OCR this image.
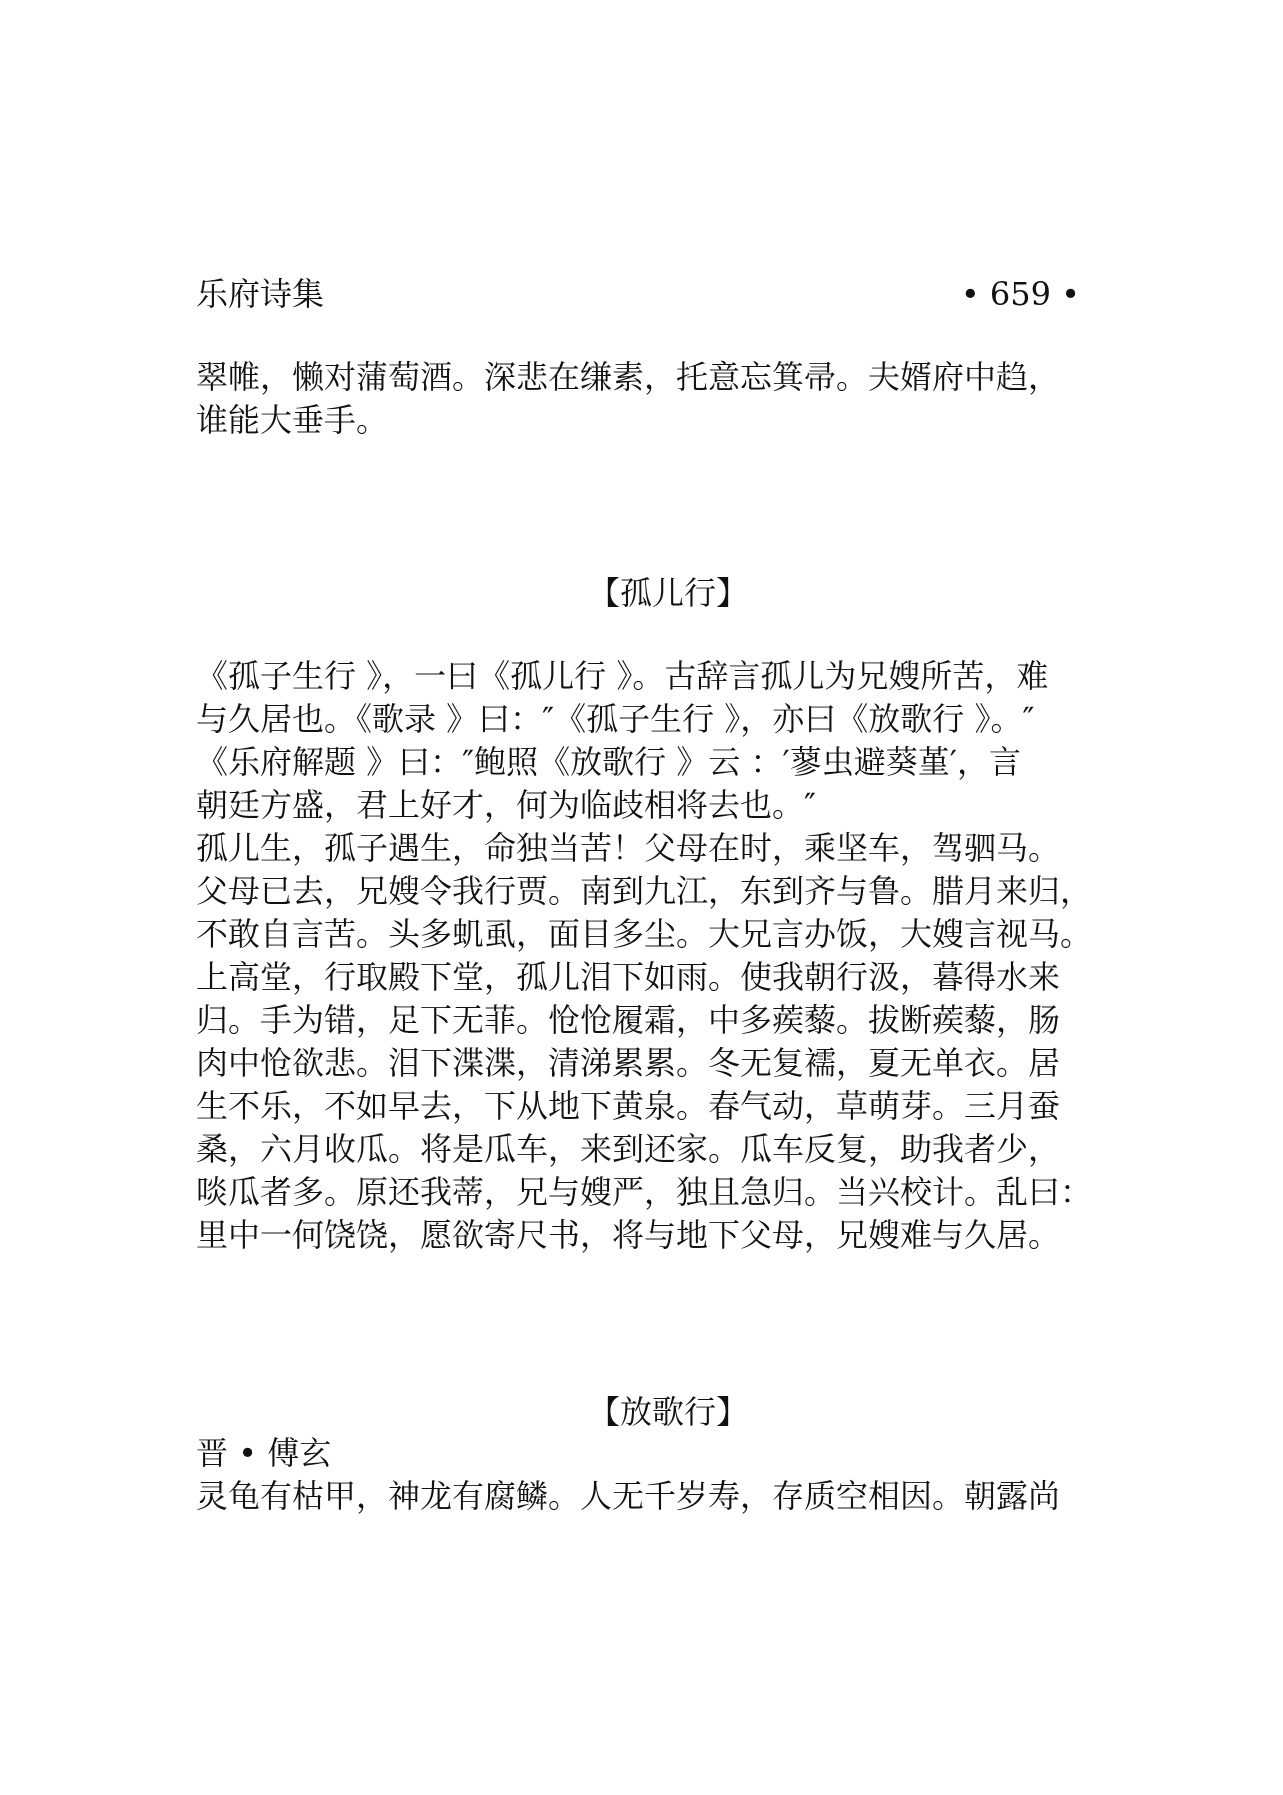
乐府诗集	• 659 •
翠帷，懒对蒲萄酒。深悲在缣素，托意忘箕帚。夫婿府中趋，
谁能大垂手。
【孤儿行】
《孤子生行 》，一曰《孤儿行 》。古辞言孤儿为兄嫂所苦，难
与久居也。《歌录 》曰：″《孤子生行 》，亦曰《放歌行 》。″
《乐府解题 》曰：″鲍照《放歌行 》云 ：′蓼虫避葵堇′，言
朝廷方盛，君上好才，何为临歧相将去也。″
孤儿生，孤子遇生，命独当苦！父母在时，乘坚车，驾驷马。
父母已去，兄嫂令我行贾。南到九江，东到齐与鲁。腊月来归，
不敢自言苦。头多虮虱，面目多尘。大兄言办饭，大嫂言视马。
上高堂，行取殿下堂，孤儿泪下如雨。使我朝行汲，暮得水来
归。手为错，足下无菲。怆怆履霜，中多蒺藜。拔断蒺藜，肠
肉中怆欲悲。泪下渫渫，清涕累累。冬无复襦，夏无单衣。居
生不乐，不如早去，下从地下黄泉。春气动，草萌芽。三月蚕
桑，六月收瓜。将是瓜车，来到还家。瓜车反复，助我者少，
啖瓜者多。原还我蒂，兄与嫂严，独且急归。当兴校计。乱曰：
里中一何饶饶，愿欲寄尺书，将与地下父母，兄嫂难与久居。
【放歌行】
晋 • 傅玄
灵龟有枯甲，神龙有腐鳞。人无千岁寿，存质空相因。朝露尚
